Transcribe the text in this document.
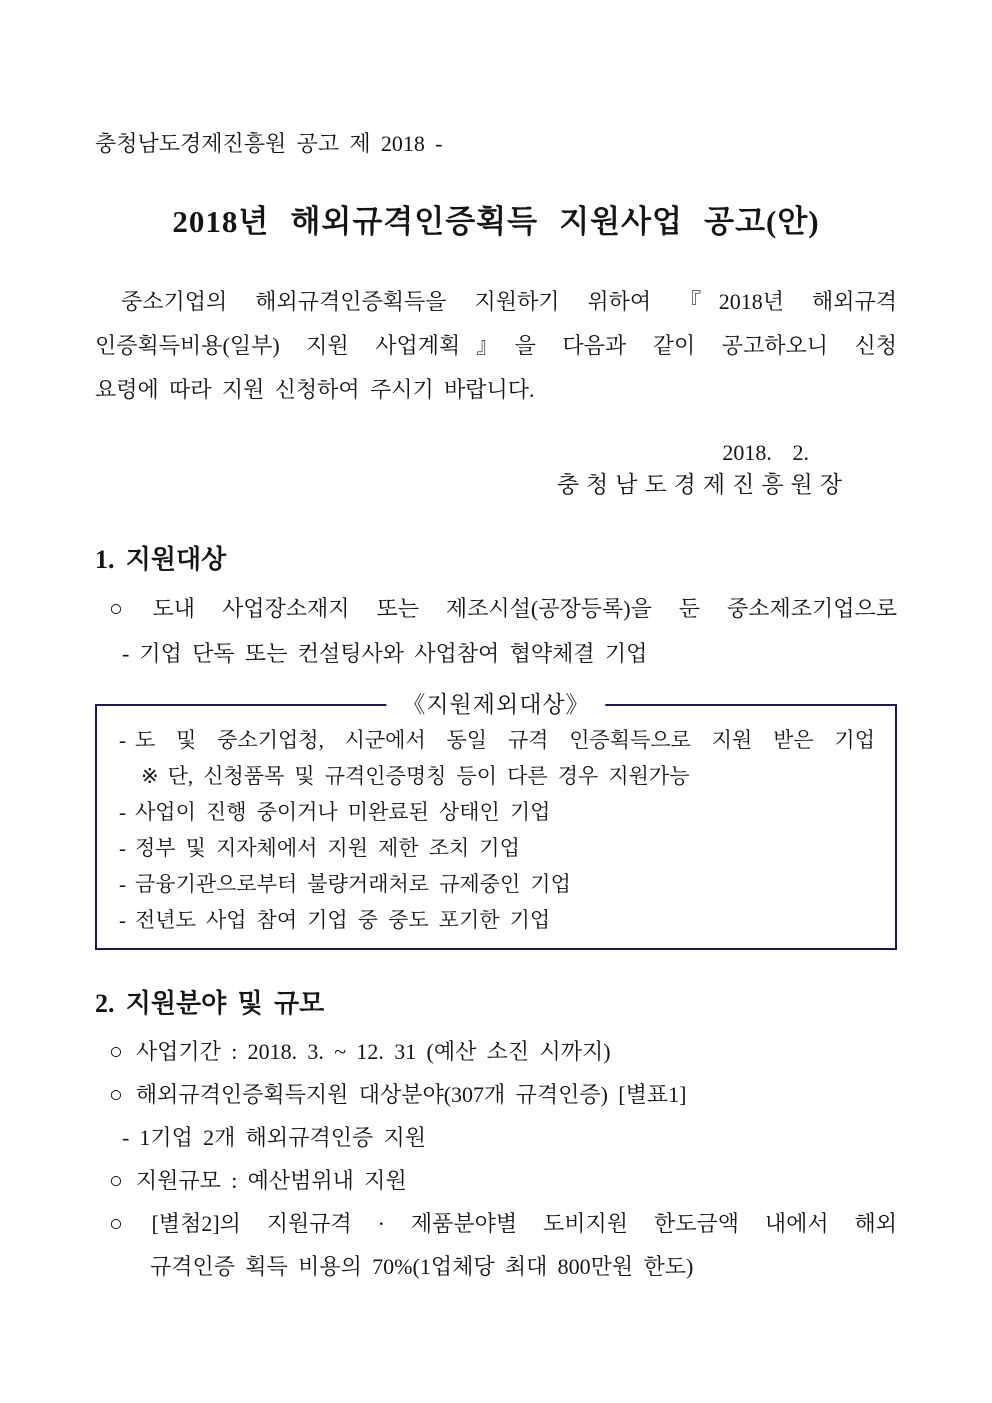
충청남도경제진흥원 공고 제 2018 -
2018년 해외규격인증획득 지원사업 공고(안)
중소기업의 해외규격인증획득을 지원하기 위하여 『2018년 해외규격
인증획득비용(일부) 지원 사업계획』을 다음과 같이 공고하오니 신청
요령에 따라 지원 신청하여 주시기 바랍니다.
2018.  2.
충청남도경제진흥원장
1. 지원대상
○ 도내 사업장소재지 또는 제조시설(공장등록)을 둔 중소제조기업으로
- 기업 단독 또는 컨설팅사와 사업참여 협약체결 기업
《지원제외대상》
- 도 및 중소기업청, 시군에서 동일 규격 인증획득으로 지원 받은 기업
※ 단, 신청품목 및 규격인증명칭 등이 다른 경우 지원가능
- 사업이 진행 중이거나 미완료된 상태인 기업
- 정부 및 지자체에서 지원 제한 조치 기업
- 금융기관으로부터 불량거래처로 규제중인 기업
- 전년도 사업 참여 기업 중 중도 포기한 기업
2. 지원분야 및 규모
○ 사업기간 : 2018. 3. ~ 12. 31 (예산 소진 시까지)
○ 해외규격인증획득지원 대상분야(307개 규격인증) [별표1]
- 1기업 2개 해외규격인증 지원
○ 지원규모 : 예산범위내 지원
○ [별첨2]의 지원규격 · 제품분야별 도비지원 한도금액 내에서 해외
규격인증 획득 비용의 70%(1업체당 최대 800만원 한도)
